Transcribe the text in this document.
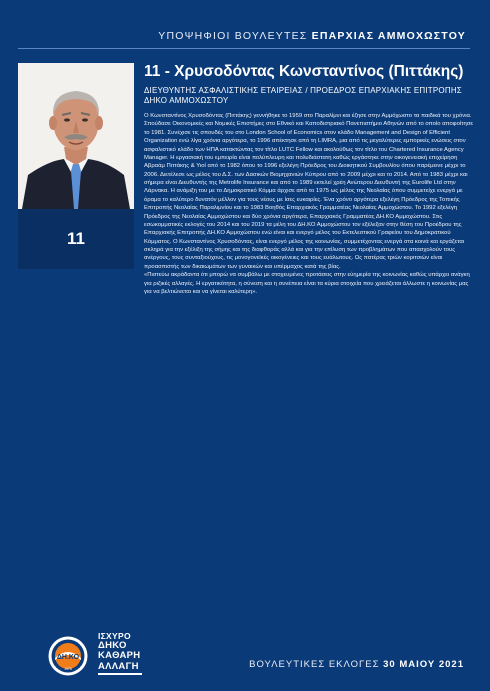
ΥΠΟΨΗΦΙΟΙ ΒΟΥΛΕΥΤΕΣ ΕΠΑΡΧΙΑΣ ΑΜΜΟΧΩΣΤΟΥ
11
11 - Χρυσοδόντας Κωνσταντίνος (Πιττάκης)
ΔΙΕΥΘΥΝΤΗΣ ΑΣΦΑΛΙΣΤΙΚΗΣ ΕΤΑΙΡΕΙΑΣ / ΠΡΟΕΔΡΟΣ ΕΠΑΡΧΙΑΚΗΣ ΕΠΙΤΡΟΠΗΣ
ΔΗΚΟ ΑΜΜΟΧΩΣΤΟΥ

Ο Κωνσταντίνος Χρυσοδόντας (Πιττάκης) γεννήθηκε το 1959 στο Παραλίμνι και έζησε στην Αμμόχωστο τα παιδικά του χρόνια. Σπούδασε Οικονομικές και Νομικές Επιστήμες στο Εθνικό και Καποδιστριακό Πανεπιστήμιο Αθηνών από το οποίο αποφοίτησε το 1981. Συνέχισε τις σπουδές του στο London School of Economics στον κλάδο Management and Design of Efficient Organization ενώ λίγα χρόνια αργότερα, το 1996 απέκτησε από τη LIMRA, μια από τις μεγαλύτερες εμπορικές ενώσεις στον ασφαλιστικό κλάδο των ΗΠΑ κατακτώντας τον τίτλο LUTC Fellow και ακολούθως τον τίτλο του Chartered Insurance Agency Manager. Η εργασιακή του εμπειρία είναι πολύπλευρη και πολυδιάστατη καθώς εργάστηκε στην οικογενειακή επιχείρηση Αβραάμ Πιττάκης & Υιοί από το 1982 όπου το 1996 εξελέγη Πρόεδρος του Διοικητικού Συμβουλίου όπου παρέμεινε μέχρι το 2006. Διετέλεσε ως μέλος του Δ.Σ. των Δασικών Βιομηχανιών Κύπρου από το 2009 μέχρι και το 2014. Από το 1983 μέχρι και σήμερα είναι Διευθυντής της Metrolife Insurance και από το 1989 εκτελεί χρέη Ανώτερου Διευθυντή της Eurolife Ltd στην Λάρνακα. Η ανάμιξη του με το Δημοκρατικό Κόμμα άρχισε από το 1975 ως μέλος της Νεολαίας όπου συμμετείχε ενεργά με όραμα το καλύτερο δυνατόν μέλλον για τους νέους με ίσες ευκαιρίες. Ένα χρόνο αργότερα εξελέγη Πρόεδρος της Τοπικής Επιτροπής Νεολαίας Παραλιμνίου και το 1983 Βοηθός Επαρχιακός Γραμματέας Νεολαίας Αμμοχώστου. Το 1992 εξελέγη Πρόεδρος της Νεολαίας Αμμοχώστου και δύο χρόνια αργότερα, Επαρχιακός Γραμματέας ΔΗ.ΚΟ Αμμοχώστου. Στις εσωκομματικές εκλογές του 2014 και του 2019 τα μέλη του ΔΗ.ΚΟ Αμμοχώστου τον εξέλεξαν στην θέση του Προέδρου της Επαρχιακής Επιτροπής ΔΗ.ΚΟ Αμμοχώστου ενώ είναι και ενεργό μέλος του Εκτελεστικού Γραφείου του Δημοκρατικού Κόμματος. Ο Κωνσταντίνος Χρυσοδόντας, είναι ενεργό μέλος της κοινωνίας, συμμετέχοντας ενεργά στα κοινά και εργάζεται σκληρά για την εξέλιξη της σήμης και της διαφθοράς αλλά και για την επίλυση των προβλημάτων που απασχολούν τους ανέργους, τους συνταξιούχους, τις μονογονεϊκές οικογένειες και τους ευάλωτους. Ως πατέρας τριών κοριτσιών είναι προασπιστής των δικαιωμάτων των γυναικών και υπέρμαχος κατά της βίας.

«Πιστεύω ακράδαντα ότι μπορώ να συμβάλω με στοχευμένες προτάσεις στην εύημερία της κοινωνίας καθώς υπάρχει ανάγκη για ριζικές αλλαγές. Η εργατικότητα, η σύνεση και η συνέπεια είναι τα κύρια στοιχεία που χρειάζεται άλλωστε η κοινωνίας μας για να βελτιώνεται και να γίνεται καλύτερη».

ΔΗ.ΚΟ
1976
ΙΣΧΥΡΟ
ΔΗΚΟ
ΚΑΘΑΡΗ
ΑΛΛΑΓΗ	ΒΟΥΛΕΥΤΙΚΕΣ ΕΚΛΟΓΕΣ 30 ΜΑΙΟΥ 2021
